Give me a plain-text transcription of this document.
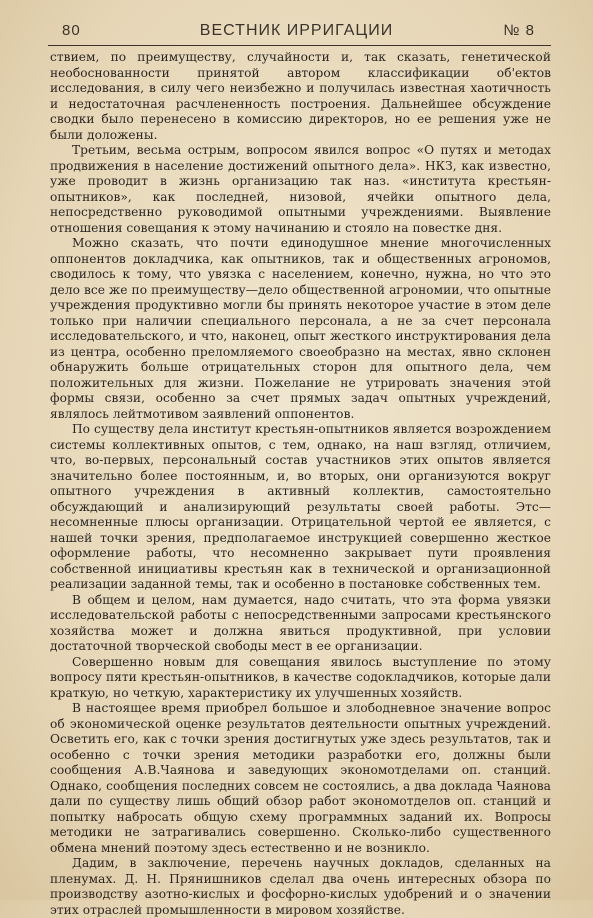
80	ВЕСТНИК ИРРИГАЦИИ	№ 8

ствием, по преимуществу, случайности и, так сказать, генетической необоснованности принятой автором классификации об'ектов исследования, в силу чего неизбежно и получилась известная хаотичность и недостаточная расчлененность построения. Дальнейшее обсуждение сводки было перенесено в комиссию директоров, но ее решения уже не были доложены.

Третьим, весьма острым, вопросом явился вопрос «О путях и методах продвижения в население достижений опытного дела». НКЗ, как известно, уже проводит в жизнь организацию так наз. «института крестьян-опытников», как последней, низовой, ячейки опытного дела, непосредственно руководимой опытными учреждениями. Выявление отношения совещания к этому начинанию и стояло на повестке дня.

Можно сказать, что почти единодушное мнение многочисленных оппонентов докладчика, как опытников, так и общественных агрономов, сводилось к тому, что увязка с населением, конечно, нужна, но что это дело все же по преимуществу—дело общественной агрономии, что опытные учреждения продуктивно могли бы принять некоторое участие в этом деле только при наличии специального персонала, а не за счет персонала исследовательского, и что, наконец, опыт жесткого инструктирования дела из центра, особенно преломляемого своеобразно на местах, явно склонен обнаружить больше отрицательных сторон для опытного дела, чем положительных для жизни. Пожелание не утрировать значения этой формы связи, особенно за счет прямых задач опытных учреждений, являлось лейтмотивом заявлений оппонентов.

По существу дела институт крестьян-опытников является возрождением системы коллективных опытов, с тем, однако, на наш взгляд, отличием, что, во-первых, персональный состав участников этих опытов является значительно более постоянным, и, во вторых, они организуются вокруг опытного учреждения в активный коллектив, самостоятельно обсуждающий и анализирующий результаты своей работы. Этс—несомненные плюсы организации. Отрицательной чертой ее является, с нашей точки зрения, предполагаемое инструкцией совершенно жесткое оформление работы, что несомненно закрывает пути проявления собственной инициативы крестьян как в технической и организационной реализации заданной темы, так и особенно в постановке собственных тем.

В общем и целом, нам думается, надо считать, что эта форма увязки исследовательской работы с непосредственными запросами крестьянского хозяйства может и должна явиться продуктивной, при условии достаточной творческой свободы мест в ее организации.

Совершенно новым для совещания явилось выступление по этому вопросу пяти крестьян-опытников, в качестве содокладчиков, которые дали краткую, но четкую, характеристику их улучшенных хозяйств.

В настоящее время приобрел большое и злободневное значение вопрос об экономической оценке результатов деятельности опытных учреждений. Осветить его, как с точки зрения достигнутых уже здесь результатов, так и особенно с точки зрения методики разработки его, должны были сообщения А.В.Чаянова и заведующих экономотделами оп. станций. Однако, сообщения последних совсем не состоялись, а два доклада Чаянова дали по существу лишь общий обзор работ экономотделов оп. станций и попытку набросать общую схему программных заданий их. Вопросы методики не затрагивались совершенно. Сколько-либо существенного обмена мнений поэтому здесь естественно и не возникло.

Дадим, в заключение, перечень научных докладов, сделанных на пленумах. Д. Н. Прянишников сделал два очень интересных обзора по производству азотно-кислых и фосфорно-кислых удобрений и о значении этих отраслей промышленности в мировом хозяйстве.
